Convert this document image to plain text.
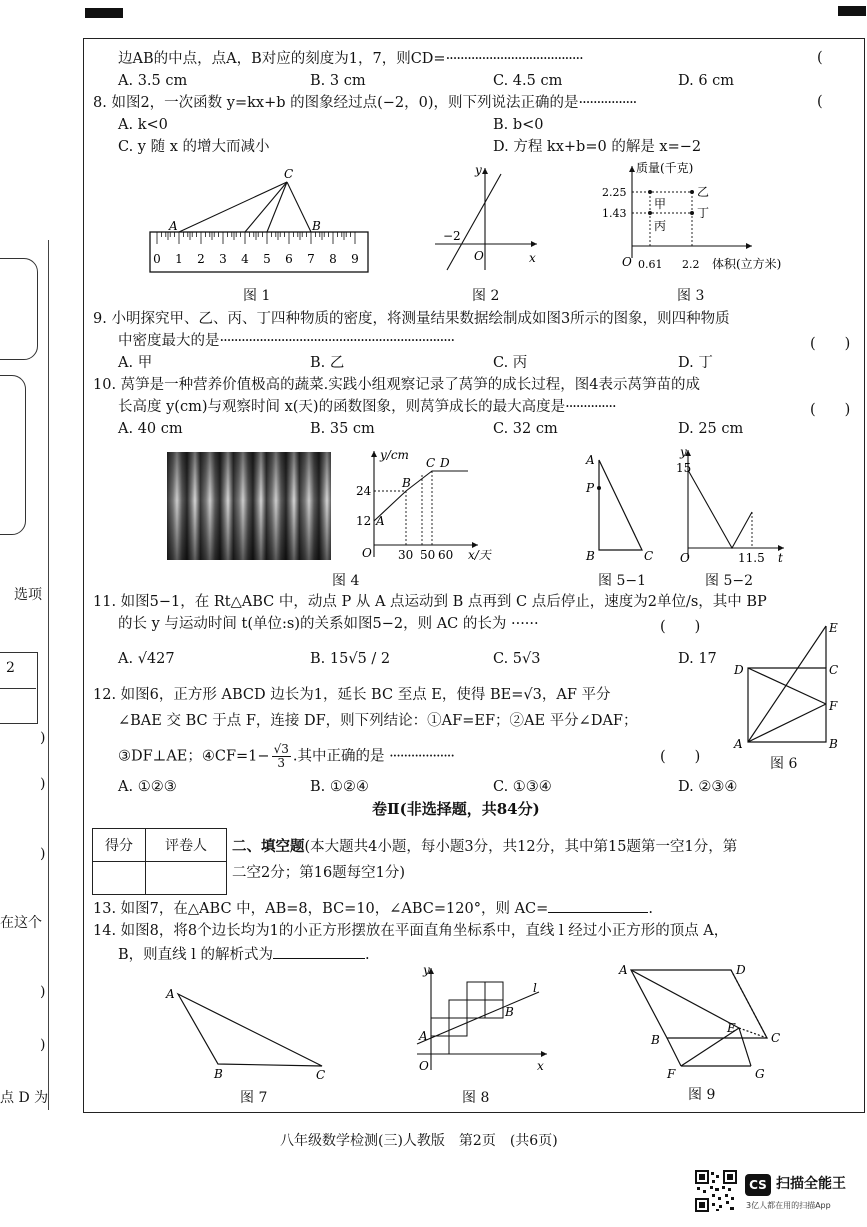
选项
2
)
)
)
在这个
)
)
点 D 为
边AB的中点，点A，B对应的刻度为1，7，则CD=······································	(
A. 3.5 cm	B. 3 cm	C. 4.5 cm	D. 6 cm
8. 如图2，一次函数 y=kx+b 的图象经过点(−2，0)，则下列说法正确的是················	(
A. k<0	B. b<0
C. y 随 x 的增大而减小	D. 方程 kx+b=0 的解是 x=−2
0 1 2 3 4 5 6 7 8 9
A	B
C
图 1
y
x
O
−2
图 2
质量(千克)
体积(立方米)
2.25
1.43
0.61 2.2
O
甲
乙
丙
丁
图 3
9. 小明探究甲、乙、丙、丁四种物质的密度，将测量结果数据绘制成如图3所示的图象，则四种物质
中密度最大的是·································································	(　　)
A. 甲	B. 乙	C. 丙	D. 丁
10. 莴笋是一种营养价值极高的蔬菜.实践小组观察记录了莴笋的成长过程，图4表示莴笋苗的成
长高度 y(cm)与观察时间 x(天)的函数图象，则莴笋成长的最大高度是··············	(　　)
A. 40 cm	B. 35 cm	C. 32 cm	D. 25 cm
y/cm
x/天
24
12
30 50 60
A
B
C D
O
图 4
A
P
B	C
图 5−1
y
15
O	11.5 t
图 5−2
11. 如图5−1，在 Rt△ABC 中，动点 P 从 A 点运动到 B 点再到 C 点后停止，速度为2单位/s，其中 BP
的长 y 与运动时间 t(单位:s)的关系如图5−2，则 AC 的长为 ······	(　　)
A. √427	B. 15√5 / 2	C. 5√3	D. 17
E
D	C
F
A	B
图 6
12. 如图6，正方形 ABCD 边长为1，延长 BC 至点 E，使得 BE=√3，AF 平分
∠BAE 交 BC 于点 F，连接 DF，则下列结论：①AF=EF；②AE 平分∠DAF；
③DF⊥AE；④CF=1− $\frac{√3}{3}$ .其中正确的是 ··················	(　　)
A. ①②③	B. ①②④	C. ①③④	D. ②③④
卷Ⅱ(非选择题，共84分)
得分	评卷人
	二、填空题(本大题共4小题，每小题3分，共12分，其中第15题第一空1分，第
二空2分；第16题每空1分)
13. 如图7，在△ABC 中，AB=8，BC=10，∠ABC=120°，则 AC=	.
14. 如图8，将8个边长均为1的小正方形摆放在平面直角坐标系中，直线 l 经过小正方形的顶点 A，
B，则直线 l 的解析式为	.
A
B	C
图 7
y
l
B
A
O	x
图 8
A	D
B
E
C
F	G
图 9
八年级数学检测(三)人教版　第2页　(共6页)
CS 扫描全能王
3亿人都在用的扫描App
